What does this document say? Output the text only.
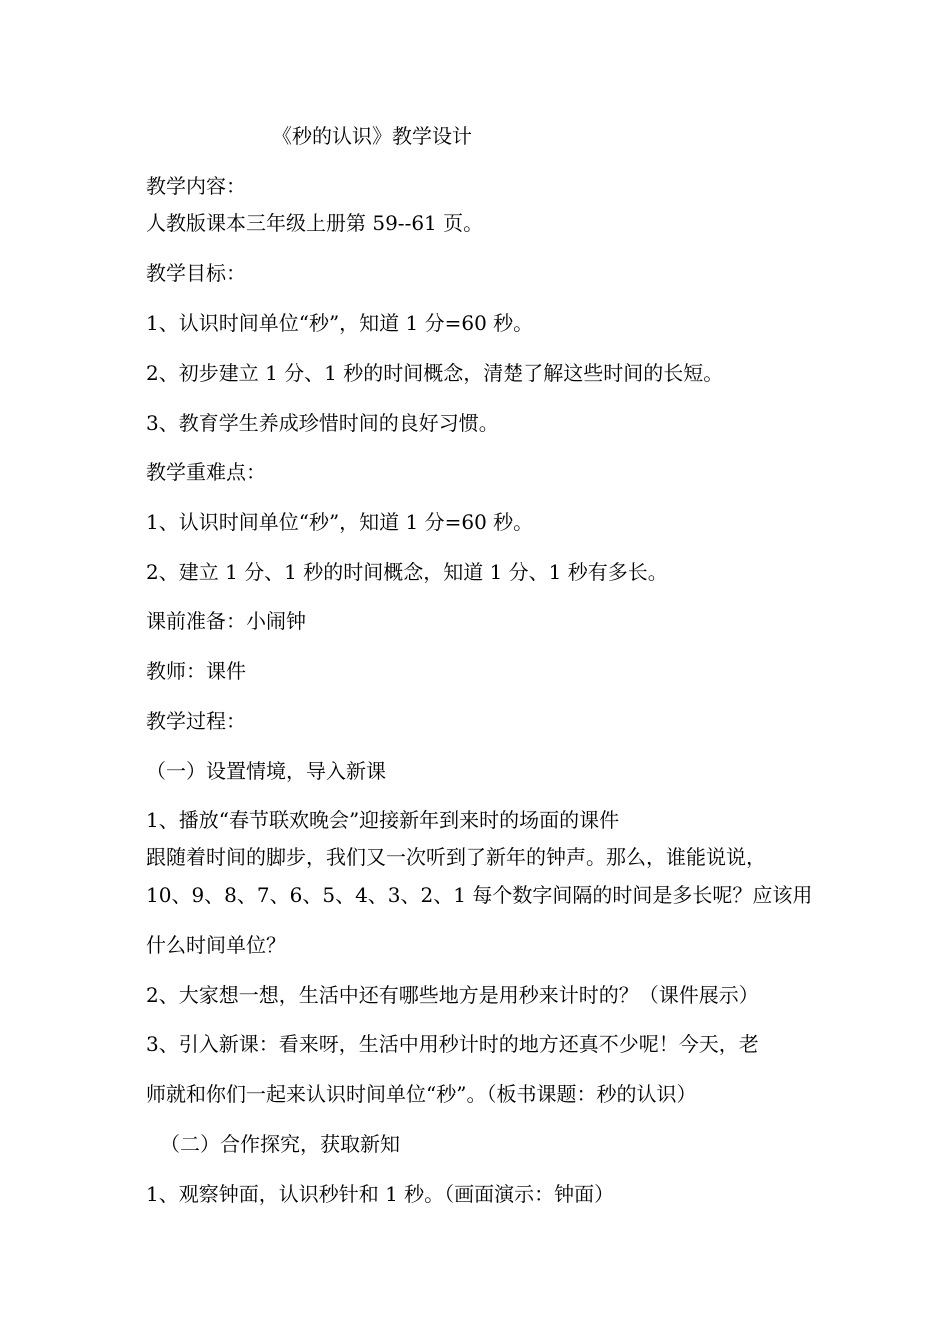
《秒的认识》教学设计
教学内容：
人教版课本三年级上册第 59--61 页。
教学目标：
1、认识时间单位“秒”，知道 1 分=60 秒。
2、初步建立 1 分、1 秒的时间概念，清楚了解这些时间的长短。
3、教育学生养成珍惜时间的良好习惯。
教学重难点：
1、认识时间单位“秒”，知道 1 分=60 秒。
2、建立 1 分、1 秒的时间概念，知道 1 分、1 秒有多长。
课前准备：小闹钟
教师：课件
教学过程：
（一）设置情境，导入新课
1、播放“春节联欢晚会”迎接新年到来时的场面的课件
跟随着时间的脚步，我们又一次听到了新年的钟声。那么，谁能说说，
10、9、8、7、6、5、4、3、2、1 每个数字间隔的时间是多长呢？应该用
什么时间单位？
2、大家想一想，生活中还有哪些地方是用秒来计时的？（课件展示）
3、引入新课：看来呀，生活中用秒计时的地方还真不少呢！今天，老
师就和你们一起来认识时间单位“秒”。（板书课题：秒的认识）
（二）合作探究，获取新知
1、观察钟面，认识秒针和 1 秒。（画面演示：钟面）
